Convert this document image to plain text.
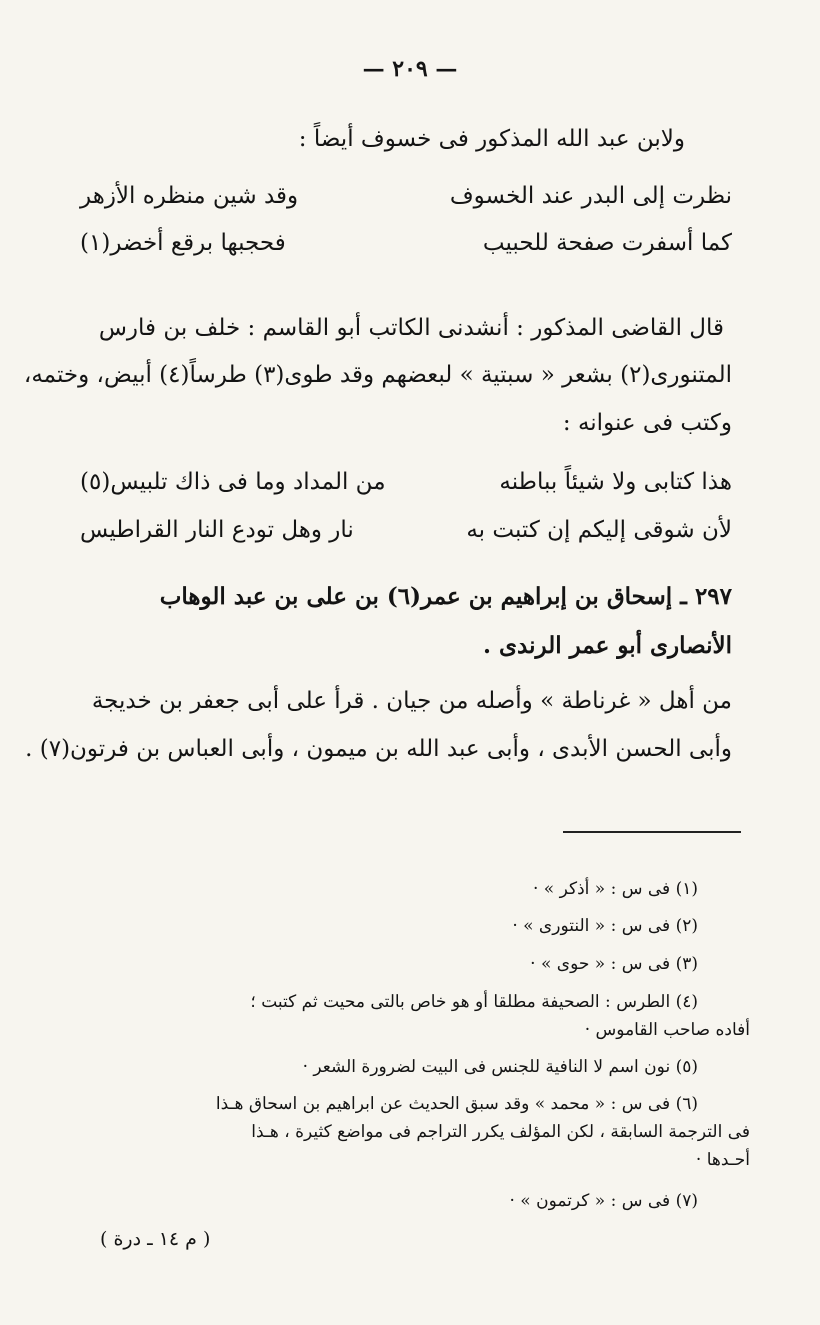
— ٢٠٩ —
ولابن عبد الله المذكور فى خسوف أيضاً :
نظرت إلى البدر عند الخسوف
وقد شين منظره الأزهر
كما أسفرت صفحة للحبيب
فحجبها برقع أخضر(١)
قال القاضى المذكور : أنشدنى الكاتب أبو القاسم : خلف بن فارس
المتنورى(٢) بشعر « سبتية » لبعضهم وقد طوى(٣) طرساً(٤) أبيض، وختمه،
وكتب فى عنوانه :
هذا كتابى ولا شيئاً بباطنه
من المداد وما فى ذاك تلبيس(٥)
لأن شوقى إليكم إن كتبت به
نار وهل تودع النار القراطيس
٢٩٧ ـ إسحاق بن إبراهيم بن عمر(٦) بن على بن عبد الوهاب
الأنصارى أبو عمر الرندى .
من أهل « غرناطة » وأصله من جيان . قرأ على أبى جعفر بن خديجة
وأبى الحسن الأبدى ، وأبى عبد الله بن ميمون ، وأبى العباس بن فرتون(٧) .
(١) فى س : « أذكر » ·
(٢) فى س : « النتورى » ·
(٣) فى س : « حوى » ·
(٤) الطرس : الصحيفة مطلقا أو هو خاص بالتى محيت ثم كتبت ؛
أفاده صاحب القاموس ·
(٥) نون اسم لا النافية للجنس فى البيت لضرورة الشعر ·
(٦) فى س : « محمد » وقد سبق الحديث عن ابراهيم بن اسحاق هـذا
فى الترجمة السابقة ، لكن المؤلف يكرر التراجم فى مواضع كثيرة ، هـذا
أحـدها ·
(٧) فى س : « كرتمون » ·
( م ١٤ ـ درة )
